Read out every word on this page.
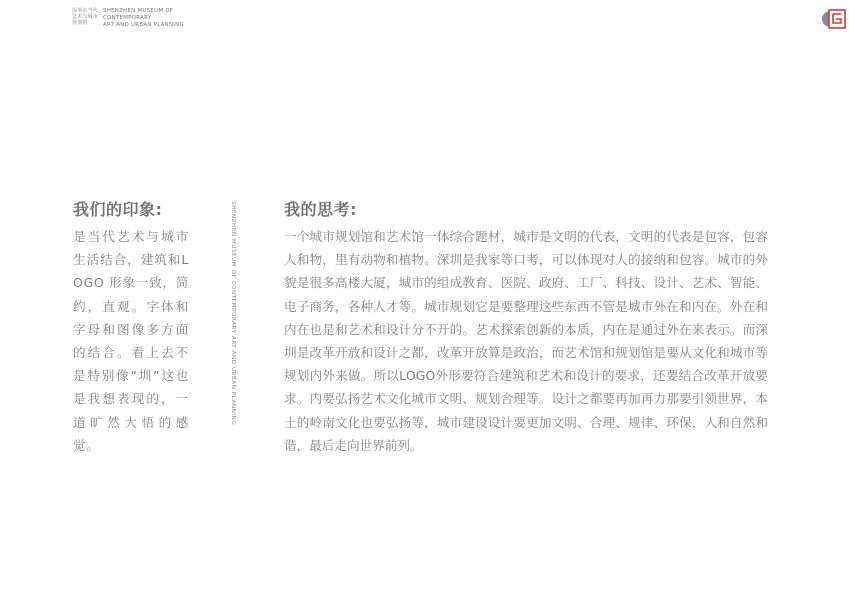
深圳市当代
艺术与城市
规划馆
SHENZHEN MUSEUM OF
CONTEMPORARY
ART AND URBAN PLANNING
我们的印象:
是当代艺术与城市生活结合，建筑和LOGO 形象一致，简约，直观。字体和字母和图像多方面的结合。看上去不是特别像“圳”这也是我想表现的，一道旷然大悟的感觉。
SHENZHEN MUSEUM OF CONTEMPORARY ART AND URBAN PLANNING	我的思考:
一个城市规划馆和艺术馆一体综合题材，城市是文明的代表，文明的代表是包容，包容人和物，里有动物和植物。深圳是我家等口考，可以体现对人的接纳和包容。城市的外貌是很多高楼大厦，城市的组成教育、医院、政府、工厂、科技、设计、艺术、智能、电子商务，各种人才等。城市规划它是要整理这些东西不管是城市外在和内在。外在和内在也是和艺术和设计分不开的。艺术探索创新的本质，内在是通过外在来表示。而深圳是改革开放和设计之都，改革开放算是政治，而艺术馆和规划馆是要从文化和城市等规划内外来做。所以LOGO外形要符合建筑和艺术和设计的要求，还要结合改革开放要求。内要弘扬艺术文化城市文明、规划合理等。设计之都要再加再力那要引领世界，本土的岭南文化也要弘扬等，城市建设设计要更加文明、合理、规律、环保，人和自然和谐，最后走向世界前列。
